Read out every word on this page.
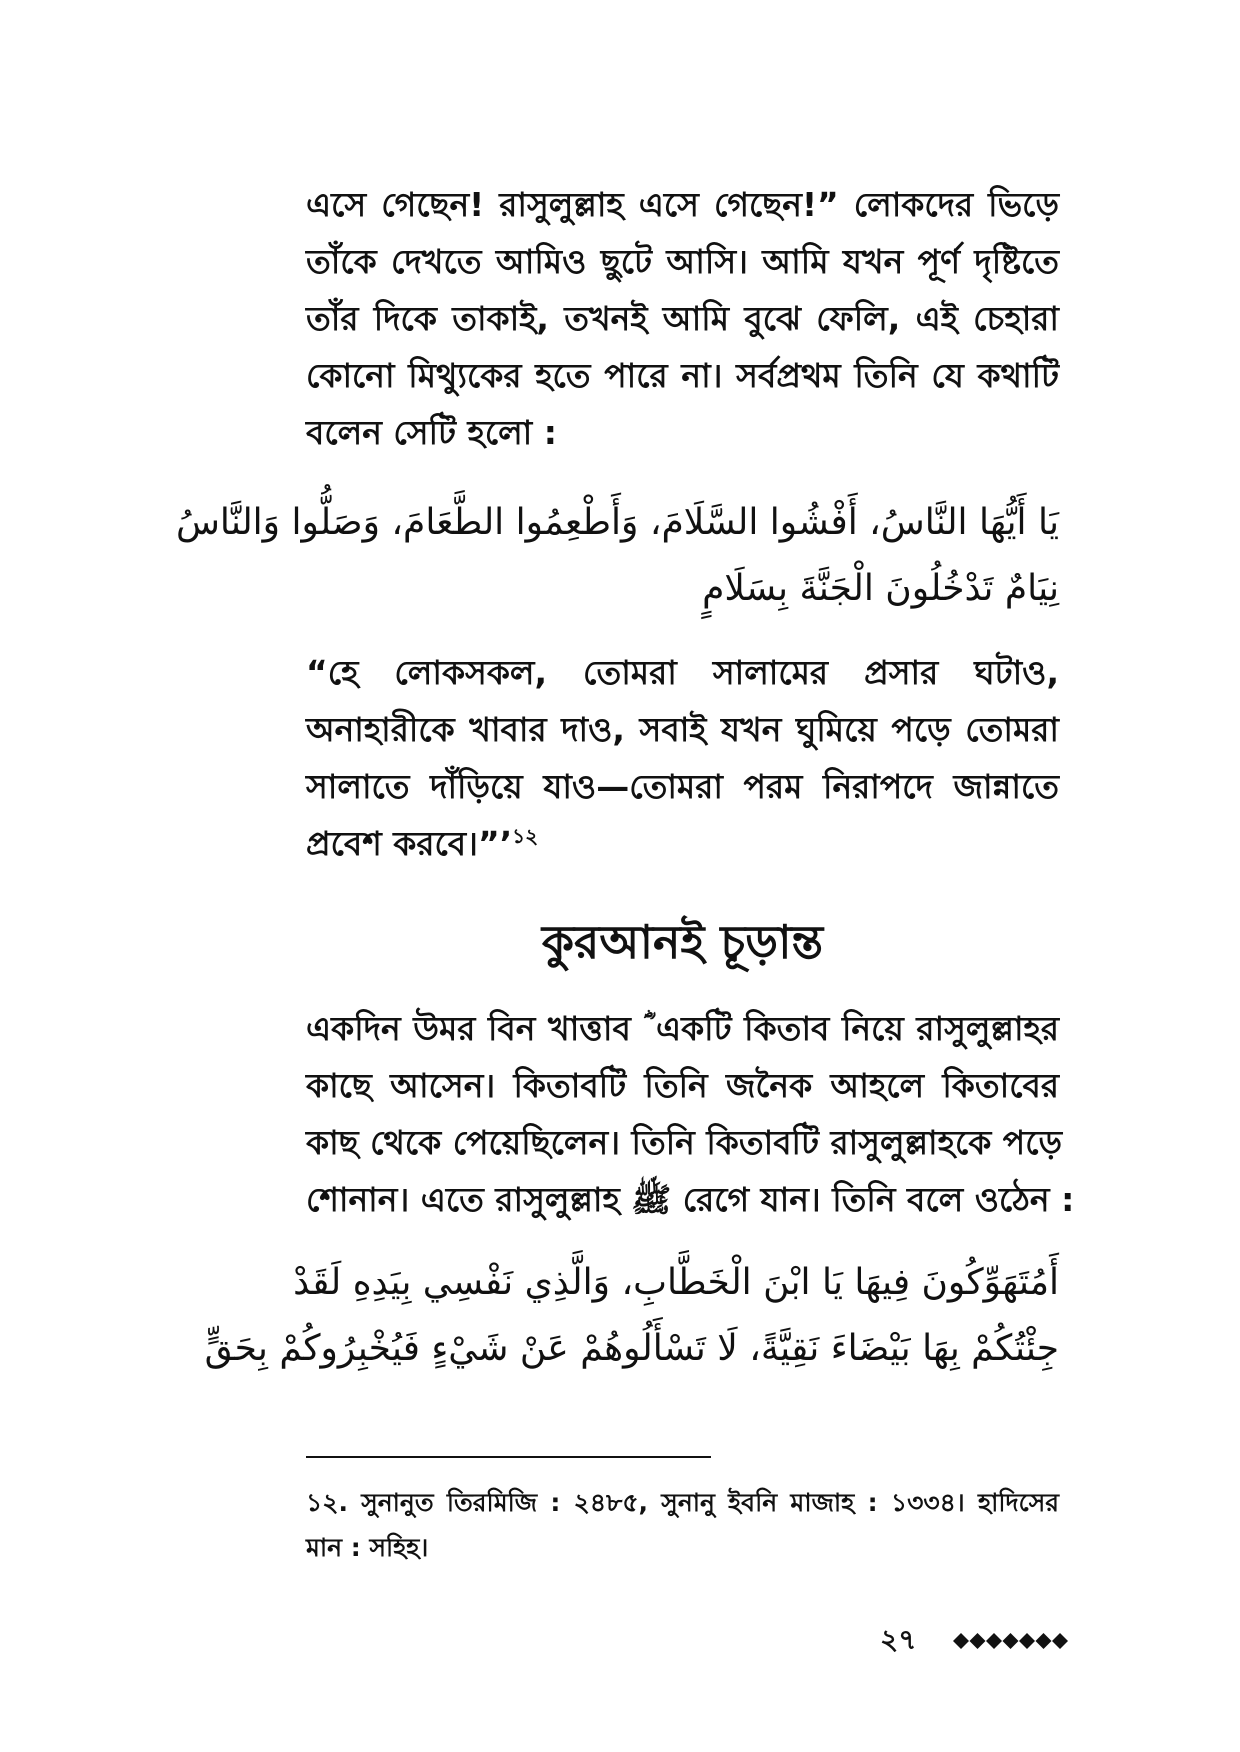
এসে গেছেন! রাসুলুল্লাহ এসে গেছেন!” লোকদের ভিড়ে
তাঁকে দেখতে আমিও ছুটে আসি। আমি যখন পূর্ণ দৃষ্টিতে
তাঁর দিকে তাকাই, তখনই আমি বুঝে ফেলি, এই চেহারা
কোনো মিথ্যুকের হতে পারে না। সর্বপ্রথম তিনি যে কথাটি
বলেন সেটি হলো :
يَا أَيُّهَا النَّاسُ، أَفْشُوا السَّلَامَ، وَأَطْعِمُوا الطَّعَامَ، وَصَلُّوا وَالنَّاسُ
نِيَامٌ تَدْخُلُونَ الْجَنَّةَ بِسَلَامٍ
“হে লোকসকল, তোমরা সালামের প্রসার ঘটাও,
অনাহারীকে খাবার দাও, সবাই যখন ঘুমিয়ে পড়ে তোমরা
সালাতে দাঁড়িয়ে যাও—তোমরা পরম নিরাপদে জান্নাতে
প্রবেশ করবে।”’$^{১২}$
কুরআনই চূড়ান্ত
একদিন উমর বিন খাত্তাব ؓ একটি কিতাব নিয়ে রাসুলুল্লাহর
কাছে আসেন। কিতাবটি তিনি জনৈক আহলে কিতাবের
কাছ থেকে পেয়েছিলেন। তিনি কিতাবটি রাসুলুল্লাহকে পড়ে
শোনান। এতে রাসুলুল্লাহ ﷺ রেগে যান। তিনি বলে ওঠেন :
أَمُتَهَوِّكُونَ فِيهَا يَا ابْنَ الْخَطَّابِ، وَالَّذِي نَفْسِي بِيَدِهِ لَقَدْ
جِئْتُكُمْ بِهَا بَيْضَاءَ نَقِيَّةً، لَا تَسْأَلُوهُمْ عَنْ شَيْءٍ فَيُخْبِرُوكُمْ بِحَقٍّ
১২. সুনানুত তিরমিজি : ২৪৮৫, সুনানু ইবনি মাজাহ : ১৩৩৪। হাদিসের
মান : সহিহ।
২৭
